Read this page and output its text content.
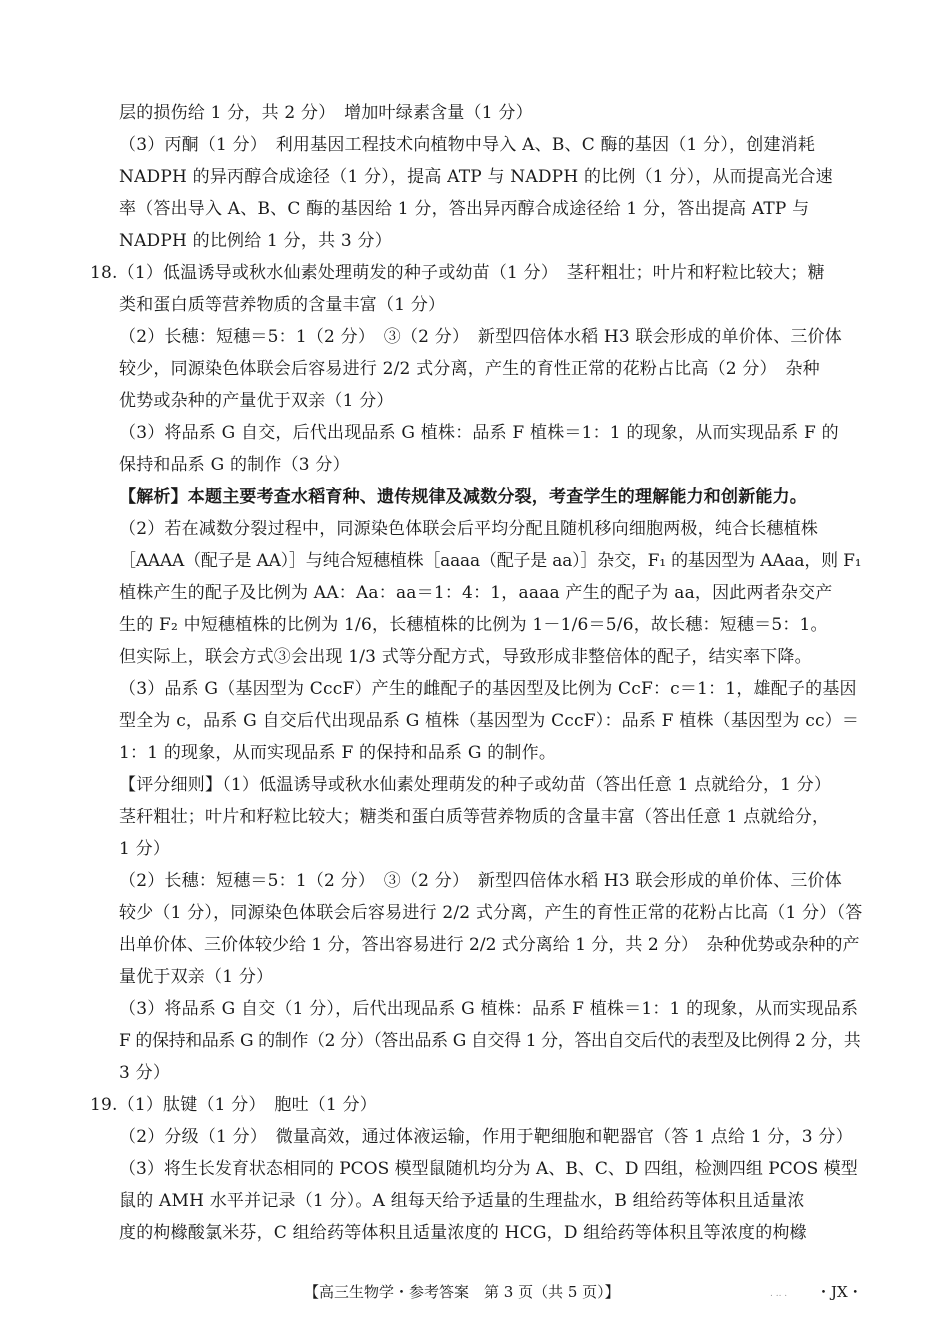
层的损伤给 1 分，共 2 分）　增加叶绿素含量（1 分）
（3）丙酮（1 分）　利用基因工程技术向植物中导入 A、B、C 酶的基因（1 分），创建消耗
NADPH 的异丙醇合成途径（1 分），提高 ATP 与 NADPH 的比例（1 分），从而提高光合速
率（答出导入 A、B、C 酶的基因给 1 分，答出异丙醇合成途径给 1 分，答出提高 ATP 与
NADPH 的比例给 1 分，共 3 分）
18.（1）低温诱导或秋水仙素处理萌发的种子或幼苗（1 分）　茎秆粗壮；叶片和籽粒比较大；糖
类和蛋白质等营养物质的含量丰富（1 分）
（2）长穗：短穗＝5：1（2 分）　③（2 分）　新型四倍体水稻 H3 联会形成的单价体、三价体
较少，同源染色体联会后容易进行 2/2 式分离，产生的育性正常的花粉占比高（2 分）　杂种
优势或杂种的产量优于双亲（1 分）
（3）将品系 G 自交，后代出现品系 G 植株：品系 F 植株＝1：1 的现象，从而实现品系 F 的
保持和品系 G 的制作（3 分）
【解析】本题主要考查水稻育种、遗传规律及减数分裂，考查学生的理解能力和创新能力。
（2）若在减数分裂过程中，同源染色体联会后平均分配且随机移向细胞两极，纯合长穗植株
［AAAA（配子是 AA）］与纯合短穗植株［aaaa（配子是 aa）］杂交，F₁ 的基因型为 AAaa，则 F₁
植株产生的配子及比例为 AA：Aa：aa＝1：4：1，aaaa 产生的配子为 aa，因此两者杂交产
生的 F₂ 中短穗植株的比例为 1/6，长穗植株的比例为 1－1/6＝5/6，故长穗：短穗＝5：1。
但实际上，联会方式③会出现 1/3 式等分配方式，导致形成非整倍体的配子，结实率下降。
（3）品系 G（基因型为 CccF）产生的雌配子的基因型及比例为 CcF：c＝1：1，雄配子的基因
型全为 c，品系 G 自交后代出现品系 G 植株（基因型为 CccF）：品系 F 植株（基因型为 cc）＝
1：1 的现象，从而实现品系 F 的保持和品系 G 的制作。
【评分细则】（1）低温诱导或秋水仙素处理萌发的种子或幼苗（答出任意 1 点就给分，1 分）
茎秆粗壮；叶片和籽粒比较大；糖类和蛋白质等营养物质的含量丰富（答出任意 1 点就给分，
1 分）
（2）长穗：短穗＝5：1（2 分）　③（2 分）　新型四倍体水稻 H3 联会形成的单价体、三价体
较少（1 分），同源染色体联会后容易进行 2/2 式分离，产生的育性正常的花粉占比高（1 分）（答
出单价体、三价体较少给 1 分，答出容易进行 2/2 式分离给 1 分，共 2 分）　杂种优势或杂种的产
量优于双亲（1 分）
（3）将品系 G 自交（1 分），后代出现品系 G 植株：品系 F 植株＝1：1 的现象，从而实现品系
F 的保持和品系 G 的制作（2 分）（答出品系 G 自交得 1 分，答出自交后代的表型及比例得 2 分，共
3 分）
19.（1）肽键（1 分）　胞吐（1 分）
（2）分级（1 分）　微量高效，通过体液运输，作用于靶细胞和靶器官（答 1 点给 1 分，3 分）
（3）将生长发育状态相同的 PCOS 模型鼠随机均分为 A、B、C、D 四组，检测四组 PCOS 模型
鼠的 AMH 水平并记录（1 分）。A 组每天给予适量的生理盐水，B 组给药等体积且适量浓
度的枸橼酸氯米芬，C 组给药等体积且适量浓度的 HCG，D 组给药等体积且等浓度的枸橼
【高三生物学・参考答案　第 3 页（共 5 页）】	. .. . ・JX・
